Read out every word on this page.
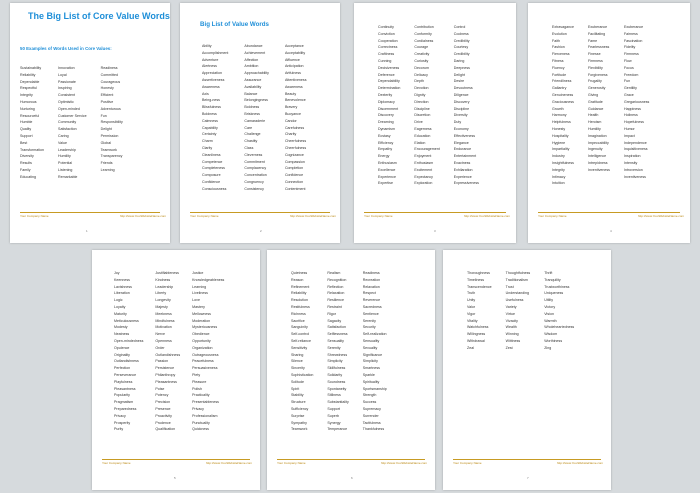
The Big List of Core Value Words
50 Examples of Words Used in Core Values:
Sustainability
Reliability
Dependable
Respectful
Integrity
Humorous
Nurturing
Resourceful
Humble
Quality
Support
Best
Transformation
Diversity
Results
Family
Educating
Innovation
Loyal
Passionate
Inspiring
Consistent
Optimistic
Open-minded
Customer Service
Community
Satisfaction
Caring
Value
Leadership
Humility
Potential
Listening
Remarkable
Readiness
Committed
Courageous
Honesty
Efficient
Positive
Adventurous
Fun
Responsibility
Delight
Permission
Global
Teamwork
Transparency
Friends
Learning
Your Company Name	http://www.YourWebsiteName.com
1
Big List of Value Words
Ability
Accomplishment
Adventure
Alertness
Appreciation
Assertiveness
Awareness
Axis
Being-ness
Blissfulness
Boldness
Calmness
Capability
Certainty
Charm
Clarity
Cleanliness
Competence
Completeness
Composure
Confidence
Consciousness
Abundance
Achievement
Affection
Ambition
Approachability
Assurance
Availability
Balance
Belongingness
Boldness
Briskness
Camaraderie
Care
Challenge
Chastity
Class
Cleverness
Commitment
Complacency
Concentration
Congruency
Consistency
Acceptance
Acceptability
Affluence
Anticipation
Artfulness
Attentiveness
Awareness
Beauty
Benevolence
Bravery
Buoyance
Candor
Carefulness
Charity
Cheerfulness
Cheerfulness
Cognizance
Compassion
Completion
Confidence
Connection
Contentment
Your Company Name	http://www.YourWebsiteName.com
2
Continuity
Conviction
Cooperation
Correctness
Craftiness
Cunning
Decisiveness
Deference
Dependability
Determination
Dexterity
Diplomacy
Discernment
Discovery
Dreaming
Dynamism
Ecstasy
Efficiency
Empathy
Energy
Enthusiasm
Excellence
Experience
Expertise
Contribution
Conformity
Cordialness
Courage
Creativity
Curiosity
Decorum
Delicacy
Depth
Devotion
Dignity
Direction
Discipline
Discretion
Drive
Eagerness
Education
Elation
Encouragement
Enjoyment
Enthusiasm
Excitement
Expectancy
Exploration
Control
Coolness
Credibility
Courtesy
Credibility
Daring
Deepness
Delight
Desire
Devoutness
Diligence
Discovery
Discipline
Diversity
Duty
Economy
Effectiveness
Elegance
Endurance
Entertainment
Exactness
Exhilaration
Experience
Expressiveness
Your Company Name	http://www.YourWebsiteName.com
3
Extravagance
Evolution
Faith
Fashion
Fierceness
Fitness
Fluency
Fortitude
Friendliness
Gallantry
Genuineness
Graciousness
Growth
Harmony
Helpfulness
Honesty
Hospitality
Hygiene
Impartiality
Industry
Insightfulness
Integrity
Intimacy
Intuition
Exuberance
Facilitating
Fame
Fearlessness
Finesse
Firmness
Flexibility
Forgiveness
Frugality
Generosity
Giving
Gratitude
Guidance
Health
Heroism
Humility
Imagination
Impeccability
Ingenuity
Intelligence
Intrepidness
Inventiveness
Exuberance
Fairness
Fascination
Fidelity
Firmness
Flow
Focus
Freedom
Fun
Gentility
Grace
Gregariousness
Happiness
Holiness
Hopefulness
Humor
Impact
Independence
Inquisitiveness
Inspiration
Intensity
Introversion
Inventiveness
Your Company Name	http://www.YourWebsiteName.com
4
Joy
Keenness
Lavishness
Liberation
Logic
Loyalty
Maturity
Meticulousness
Modesty
Neatness
Open-mindedness
Opulence
Originality
Outlandishness
Perfection
Perseverance
Playfulness
Pleasantness
Popularity
Pragmatism
Preparedness
Privacy
Prosperity
Purity
Justifiableness
Kindness
Leadership
Liberty
Longevity
Majesty
Meekness
Mindfulness
Motivation
Nerve
Openness
Order
Outlandishness
Passion
Persistence
Philanthropy
Pleasantness
Poise
Potency
Precision
Presence
Proactivity
Prudence
Qualification
Justice
Knowledgeableness
Learning
Liveliness
Love
Mastery
Mellowness
Moderation
Mysteriousness
Obedience
Opportunity
Organization
Outrageousness
Peacefulness
Persuasiveness
Piety
Pleasure
Polish
Practicality
Presentableness
Privacy
Professionalism
Punctuality
Quickness
Your Company Name	http://www.YourWebsiteName.com
5
Quietness
Reason
Refinement
Reliability
Resolution
Restfulness
Richness
Sacrifice
Sanguinity
Self-control
Self-reliance
Sensitivity
Sharing
Silence
Sincerity
Sophistication
Solitude
Spirit
Stability
Structure
Sufficiency
Surprise
Sympathy
Teamwork
Realism
Recognition
Reflection
Relaxation
Resilience
Restraint
Rigor
Sagacity
Satisfaction
Selflessness
Sensuality
Serenity
Shrewdness
Simplicity
Skillfulness
Solidarity
Soundness
Spontaneity
Stillness
Substantiality
Support
Superb
Synergy
Temperance
Readiness
Recreation
Relaxation
Respect
Reverence
Sacredness
Sentience
Serenity
Security
Self-realization
Sensuality
Sexuality
Significance
Simplicity
Smartness
Sparkle
Spirituality
Sportsmanship
Strength
Success
Supremacy
Surrender
Tactfulness
Thankfulness
Your Company Name	http://www.YourWebsiteName.com
6
Thoroughness
Timeliness
Transcendence
Truth
Unity
Valor
Vigor
Vitality
Watchfulness
Willingness
Withdrawal
Zeal
Thoughtfulness
Traditionalism
Trust
Understanding
Usefulness
Variety
Virtue
Vivacity
Wealth
Winning
Wittiness
Zest
Thrift
Tranquility
Trustworthiness
Uniqueness
Utility
Victory
Vision
Warmth
Wholeheartedness
Wisdom
Worthiness
Zing
Your Company Name	http://www.YourWebsiteName.com
7
